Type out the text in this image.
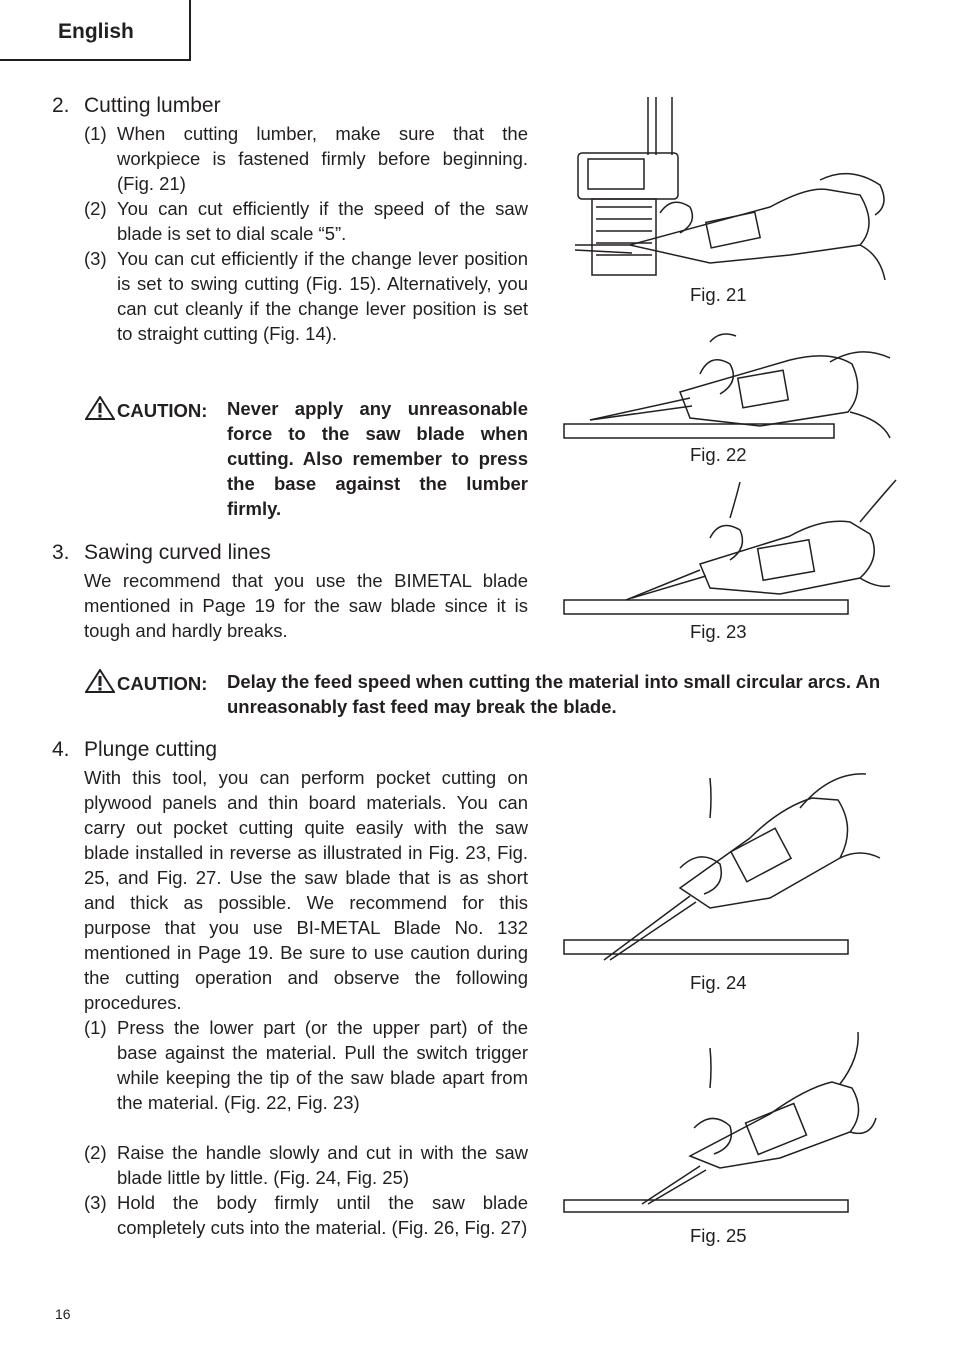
English
2. Cutting lumber
(1) When cutting lumber, make sure that the workpiece is fastened firmly before beginning. (Fig. 21)
(2) You can cut efficiently if the speed of the saw blade is set to dial scale “5”.
(3) You can cut efficiently if the change lever position is set to swing cutting (Fig. 15). Alternatively, you can cut cleanly if the change lever position is set to straight cutting (Fig. 14).
CAUTION: Never apply any unreasonable force to the saw blade when cutting. Also remember to press the base against the lumber firmly.
3. Sawing curved lines
We recommend that you use the BIMETAL blade mentioned in Page 19 for the saw blade since it is tough and hardly breaks.
CAUTION: Delay the feed speed when cutting the material into small circular arcs. An unreasonably fast feed may break the blade.
4. Plunge cutting
With this tool, you can perform pocket cutting on plywood panels and thin board materials. You can carry out pocket cutting quite easily with the saw blade installed in reverse as illustrated in Fig. 23, Fig. 25, and Fig. 27. Use the saw blade that is as short and thick as possible. We recommend for this purpose that you use BI-METAL Blade No. 132 mentioned in Page 19. Be sure to use caution during the cutting operation and observe the following procedures.
(1) Press the lower part (or the upper part) of the base against the material. Pull the switch trigger while keeping the tip of the saw blade apart from the material. (Fig. 22, Fig. 23)
(2) Raise the handle slowly and cut in with the saw blade little by little. (Fig. 24, Fig. 25)
(3) Hold the body firmly until the saw blade completely cuts into the material. (Fig. 26, Fig. 27)
Fig. 21
Fig. 22
Fig. 23
Fig. 24
Fig. 25
16
